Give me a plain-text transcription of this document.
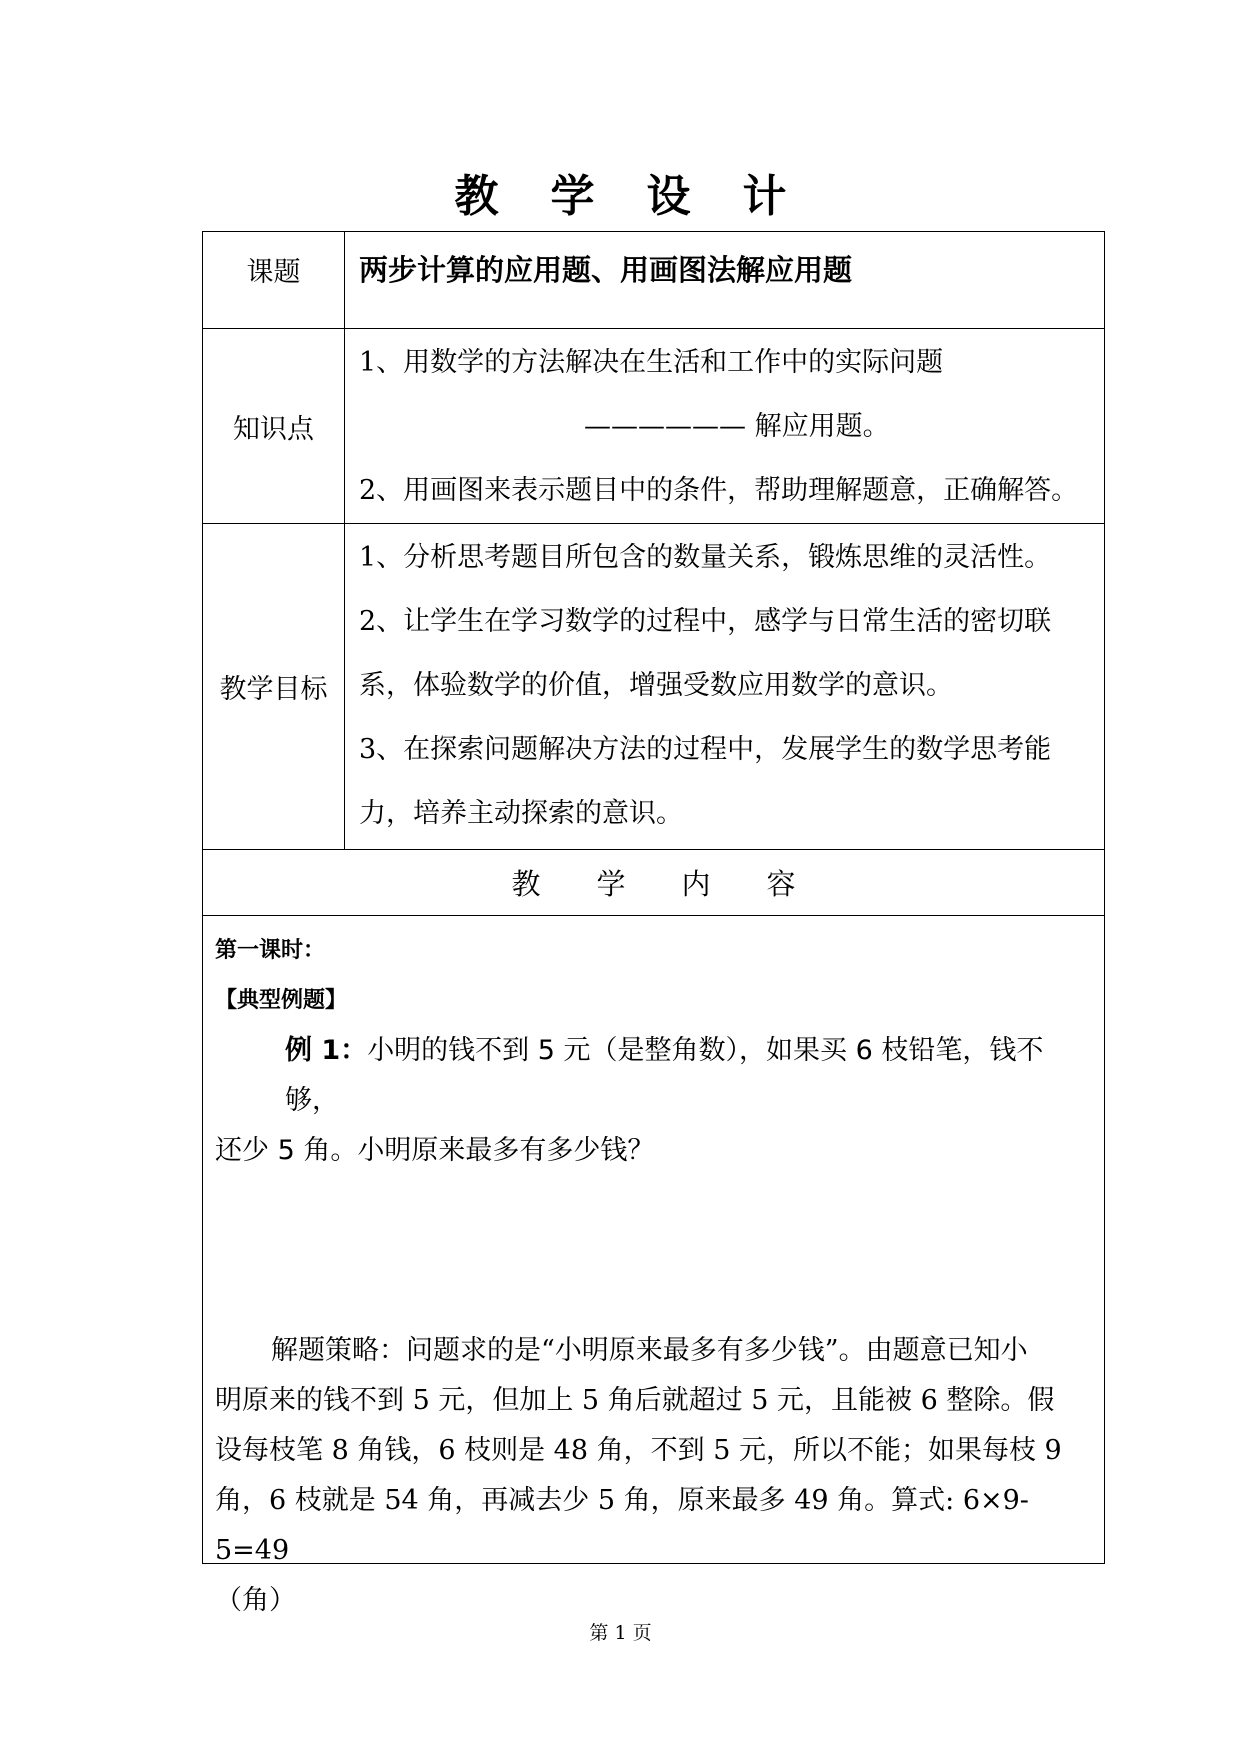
教学设计
课题	两步计算的应用题、用画图法解应用题
知识点
1、用数学的方法解决在生活和工作中的实际问题
—————— 解应用题。
2、用画图来表示题目中的条件，帮助理解题意，正确解答。
教学目标
1、分析思考题目所包含的数量关系，锻炼思维的灵活性。
2、让学生在学习数学的过程中，感学与日常生活的密切联
系，体验数学的价值，增强受数应用数学的意识。
3、在探索问题解决方法的过程中，发展学生的数学思考能
力，培养主动探索的意识。
教学内容
第一课时：
【典型例题】
例 1：小明的钱不到 5 元（是整角数），如果买 6 枝铅笔，钱不够，
还少 5 角。小明原来最多有多少钱？
解题策略：问题求的是“小明原来最多有多少钱”。由题意已知小
明原来的钱不到 5 元，但加上 5 角后就超过 5 元，且能被 6 整除。假
设每枝笔 8 角钱，6 枝则是 48 角，不到 5 元，所以不能；如果每枝 9
角，6 枝就是 54 角，再减去少 5 角，原来最多 49 角。算式: 6×9-5=49
（角）
第 1 页
